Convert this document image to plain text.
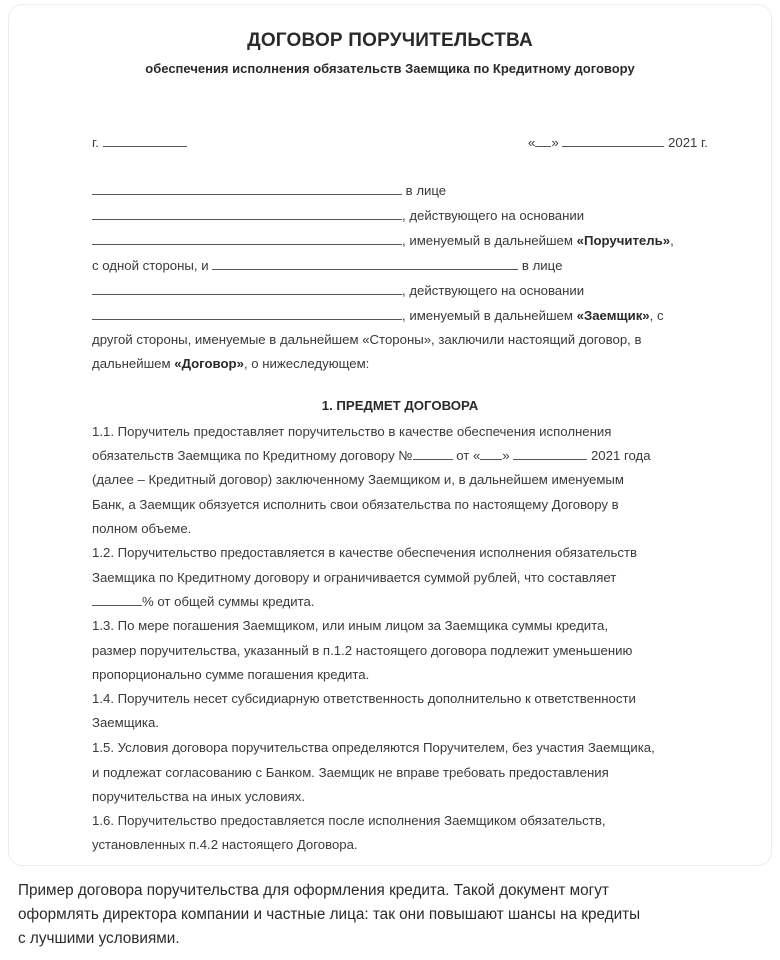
ДОГОВОР ПОРУЧИТЕЛЬСТВА
обеспечения исполнения обязательств Заемщика по Кредитному договору
г.	« »	2021 г.
в лице
, действующего на основании
, именуемый в дальнейшем «Поручитель»,
с одной стороны, и	в лице
, действующего на основании
, именуемый в дальнейшем «Заемщик», с
другой стороны, именуемые в дальнейшем «Стороны», заключили настоящий договор, в
дальнейшем «Договор», о нижеследующем:
1. ПРЕДМЕТ ДОГОВОРА
1.1. Поручитель предоставляет поручительство в качестве обеспечения исполнения
обязательств Заемщика по Кредитному договору №	от « »	2021 года
(далее – Кредитный договор) заключенному Заемщиком и, в дальнейшем именуемым
Банк, а Заемщик обязуется исполнить свои обязательства по настоящему Договору в
полном объеме.
1.2. Поручительство предоставляется в качестве обеспечения исполнения обязательств
Заемщика по Кредитному договору и ограничивается суммой рублей, что составляет
% от общей суммы кредита.
1.3. По мере погашения Заемщиком, или иным лицом за Заемщика суммы кредита,
размер поручительства, указанный в п.1.2 настоящего договора подлежит уменьшению
пропорционально сумме погашения кредита.
1.4. Поручитель несет субсидиарную ответственность дополнительно к ответственности
Заемщика.
1.5. Условия договора поручительства определяются Поручителем, без участия Заемщика,
и подлежат согласованию с Банком. Заемщик не вправе требовать предоставления
поручительства на иных условиях.
1.6. Поручительство предоставляется после исполнения Заемщиком обязательств,
установленных п.4.2 настоящего Договора.
Пример договора поручительства для оформления кредита. Такой документ могут
оформлять директора компании и частные лица: так они повышают шансы на кредиты
с лучшими условиями.
